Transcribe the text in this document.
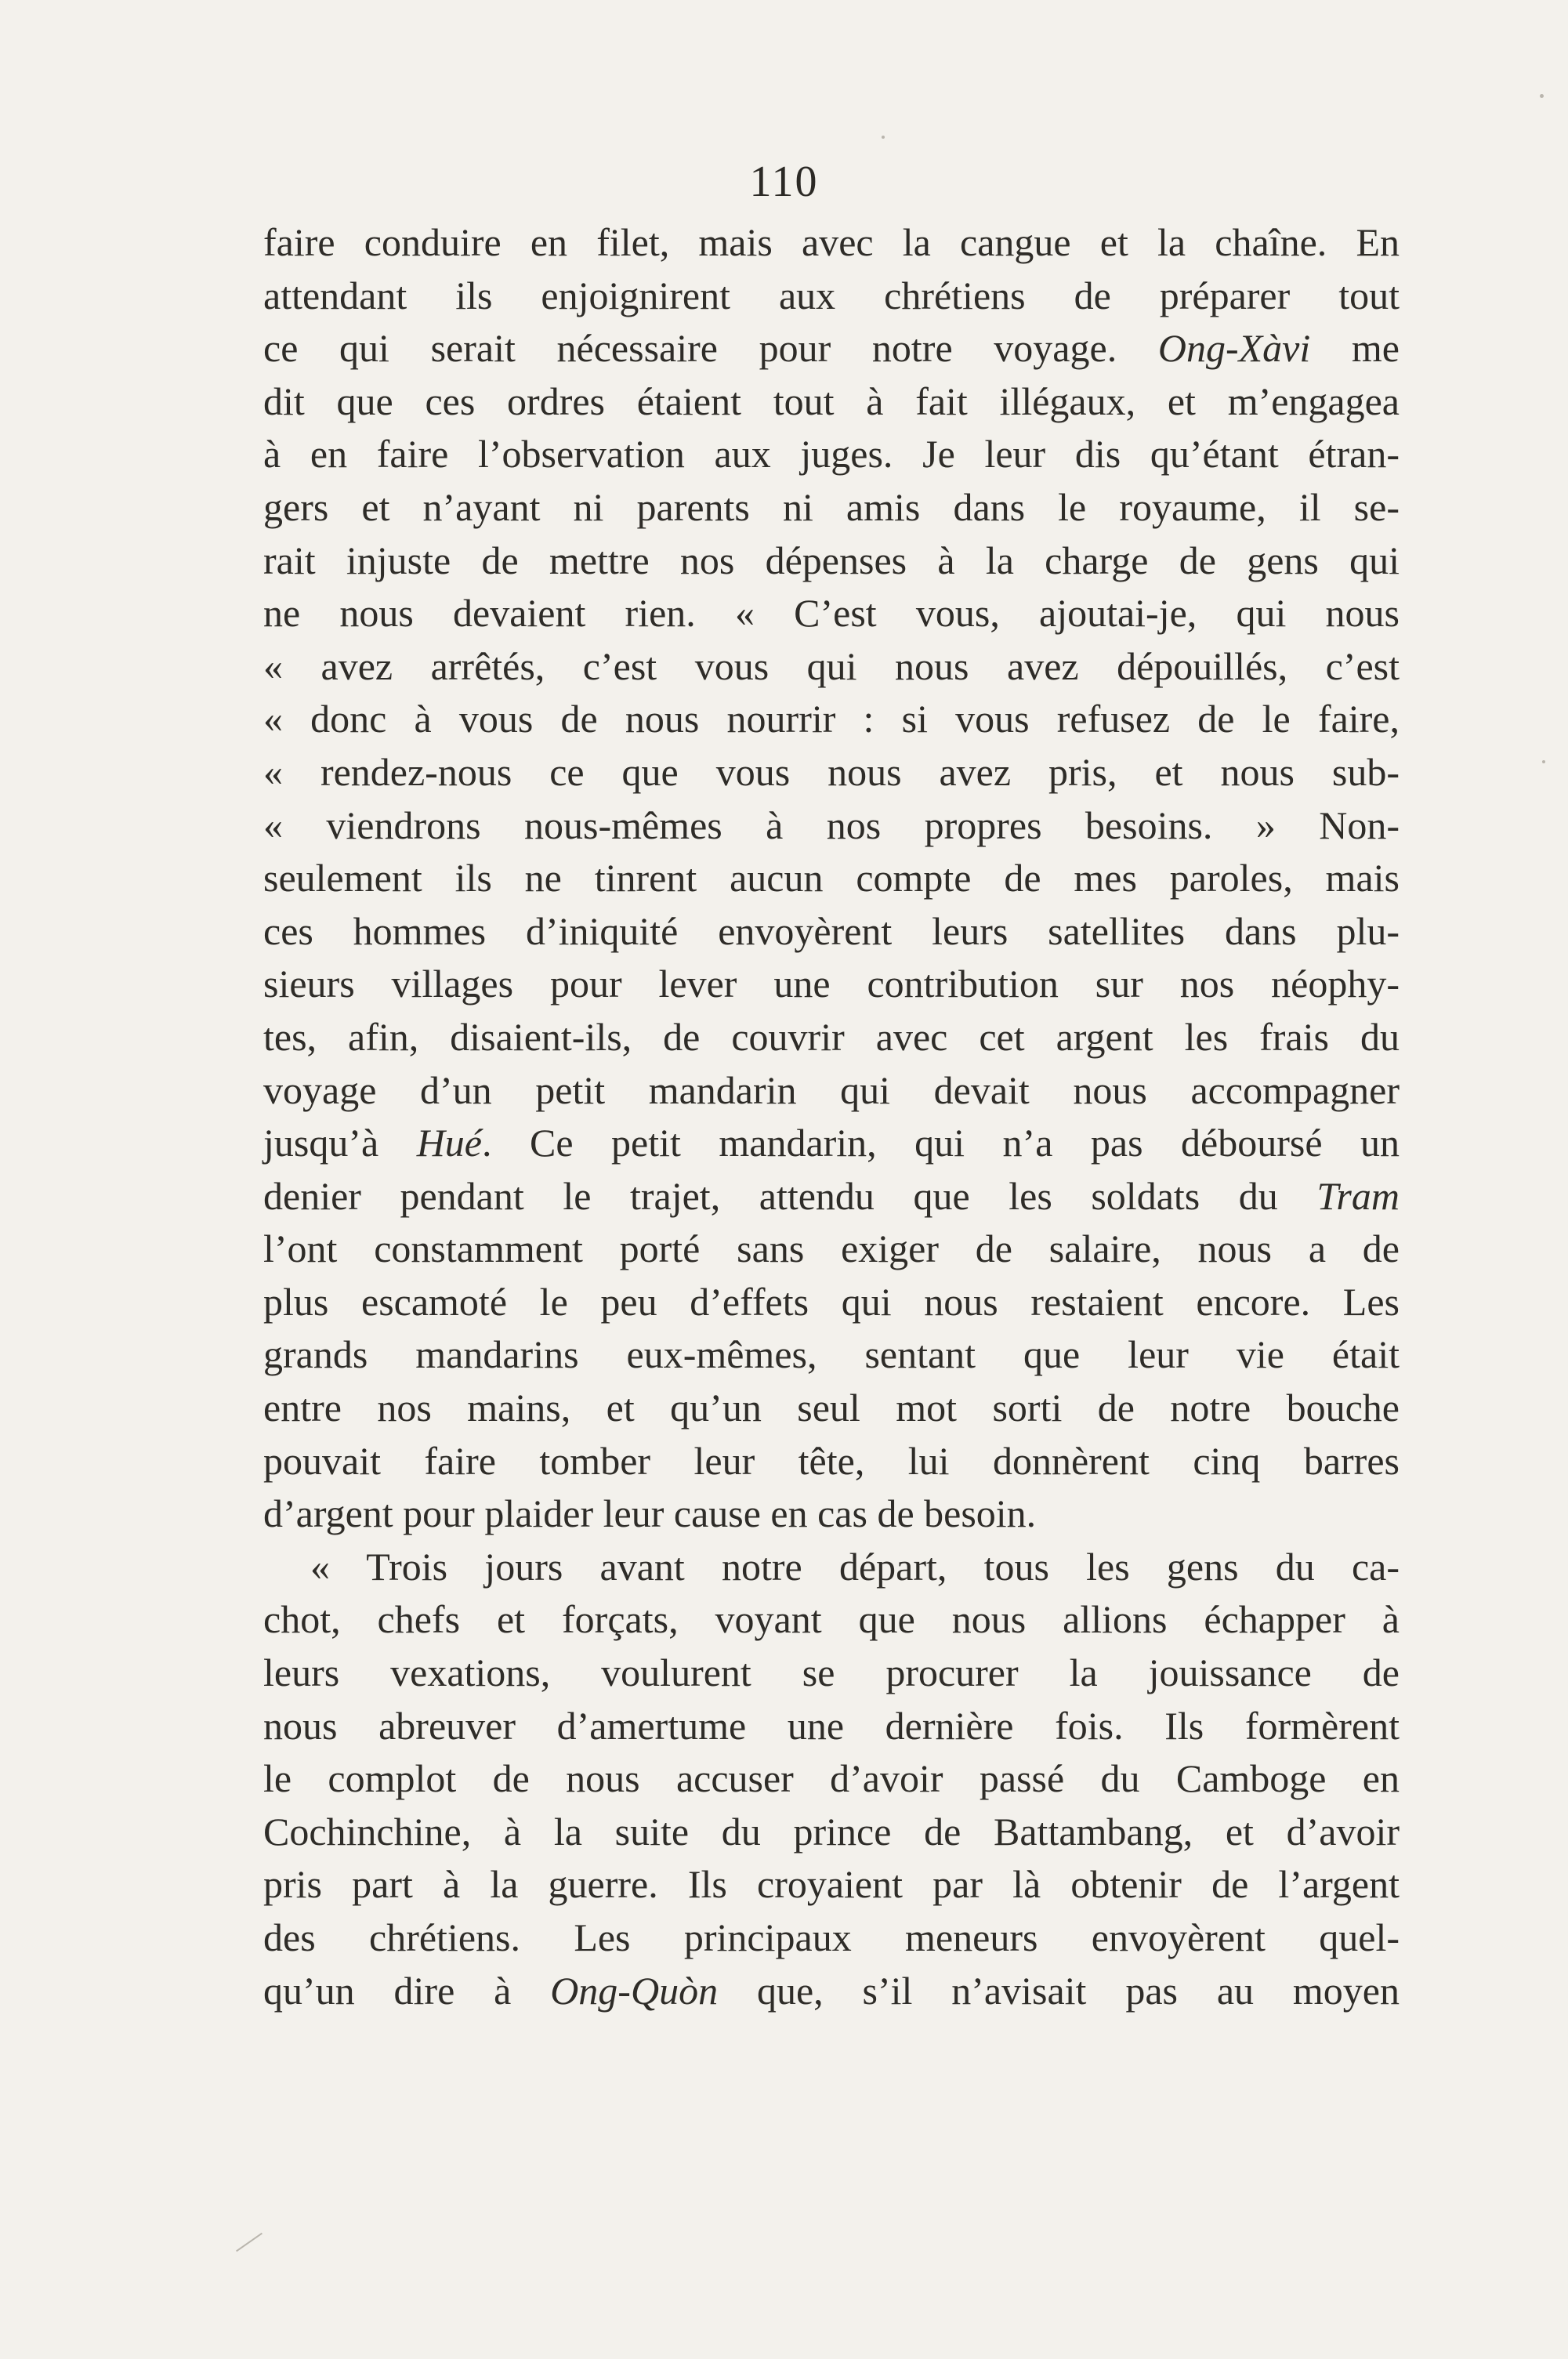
110
faire conduire en filet, mais avec la cangue et la chaîne. En
attendant ils enjoignirent aux chrétiens de préparer tout
ce qui serait nécessaire pour notre voyage. Ong-Xàvi me
dit que ces ordres étaient tout à fait illégaux, et m’engagea
à en faire l’observation aux juges. Je leur dis qu’étant étran-
gers et n’ayant ni parents ni amis dans le royaume, il se-
rait injuste de mettre nos dépenses à la charge de gens qui
ne nous devaient rien. « C’est vous, ajoutai-je, qui nous
« avez arrêtés, c’est vous qui nous avez dépouillés, c’est
« donc à vous de nous nourrir : si vous refusez de le faire,
« rendez-nous ce que vous nous avez pris, et nous sub-
« viendrons nous-mêmes à nos propres besoins. » Non-
seulement ils ne tinrent aucun compte de mes paroles, mais
ces hommes d’iniquité envoyèrent leurs satellites dans plu-
sieurs villages pour lever une contribution sur nos néophy-
tes, afin, disaient-ils, de couvrir avec cet argent les frais du
voyage d’un petit mandarin qui devait nous accompagner
jusqu’à Hué. Ce petit mandarin, qui n’a pas déboursé un
denier pendant le trajet, attendu que les soldats du Tram
l’ont constamment porté sans exiger de salaire, nous a de
plus escamoté le peu d’effets qui nous restaient encore. Les
grands mandarins eux-mêmes, sentant que leur vie était
entre nos mains, et qu’un seul mot sorti de notre bouche
pouvait faire tomber leur tête, lui donnèrent cinq barres
d’argent pour plaider leur cause en cas de besoin.
« Trois jours avant notre départ, tous les gens du ca-
chot, chefs et forçats, voyant que nous allions échapper à
leurs vexations, voulurent se procurer la jouissance de
nous abreuver d’amertume une dernière fois. Ils formèrent
le complot de nous accuser d’avoir passé du Camboge en
Cochinchine, à la suite du prince de Battambang, et d’avoir
pris part à la guerre. Ils croyaient par là obtenir de l’argent
des chrétiens. Les principaux meneurs envoyèrent quel-
qu’un dire à Ong-Quòn que, s’il n’avisait pas au moyen
